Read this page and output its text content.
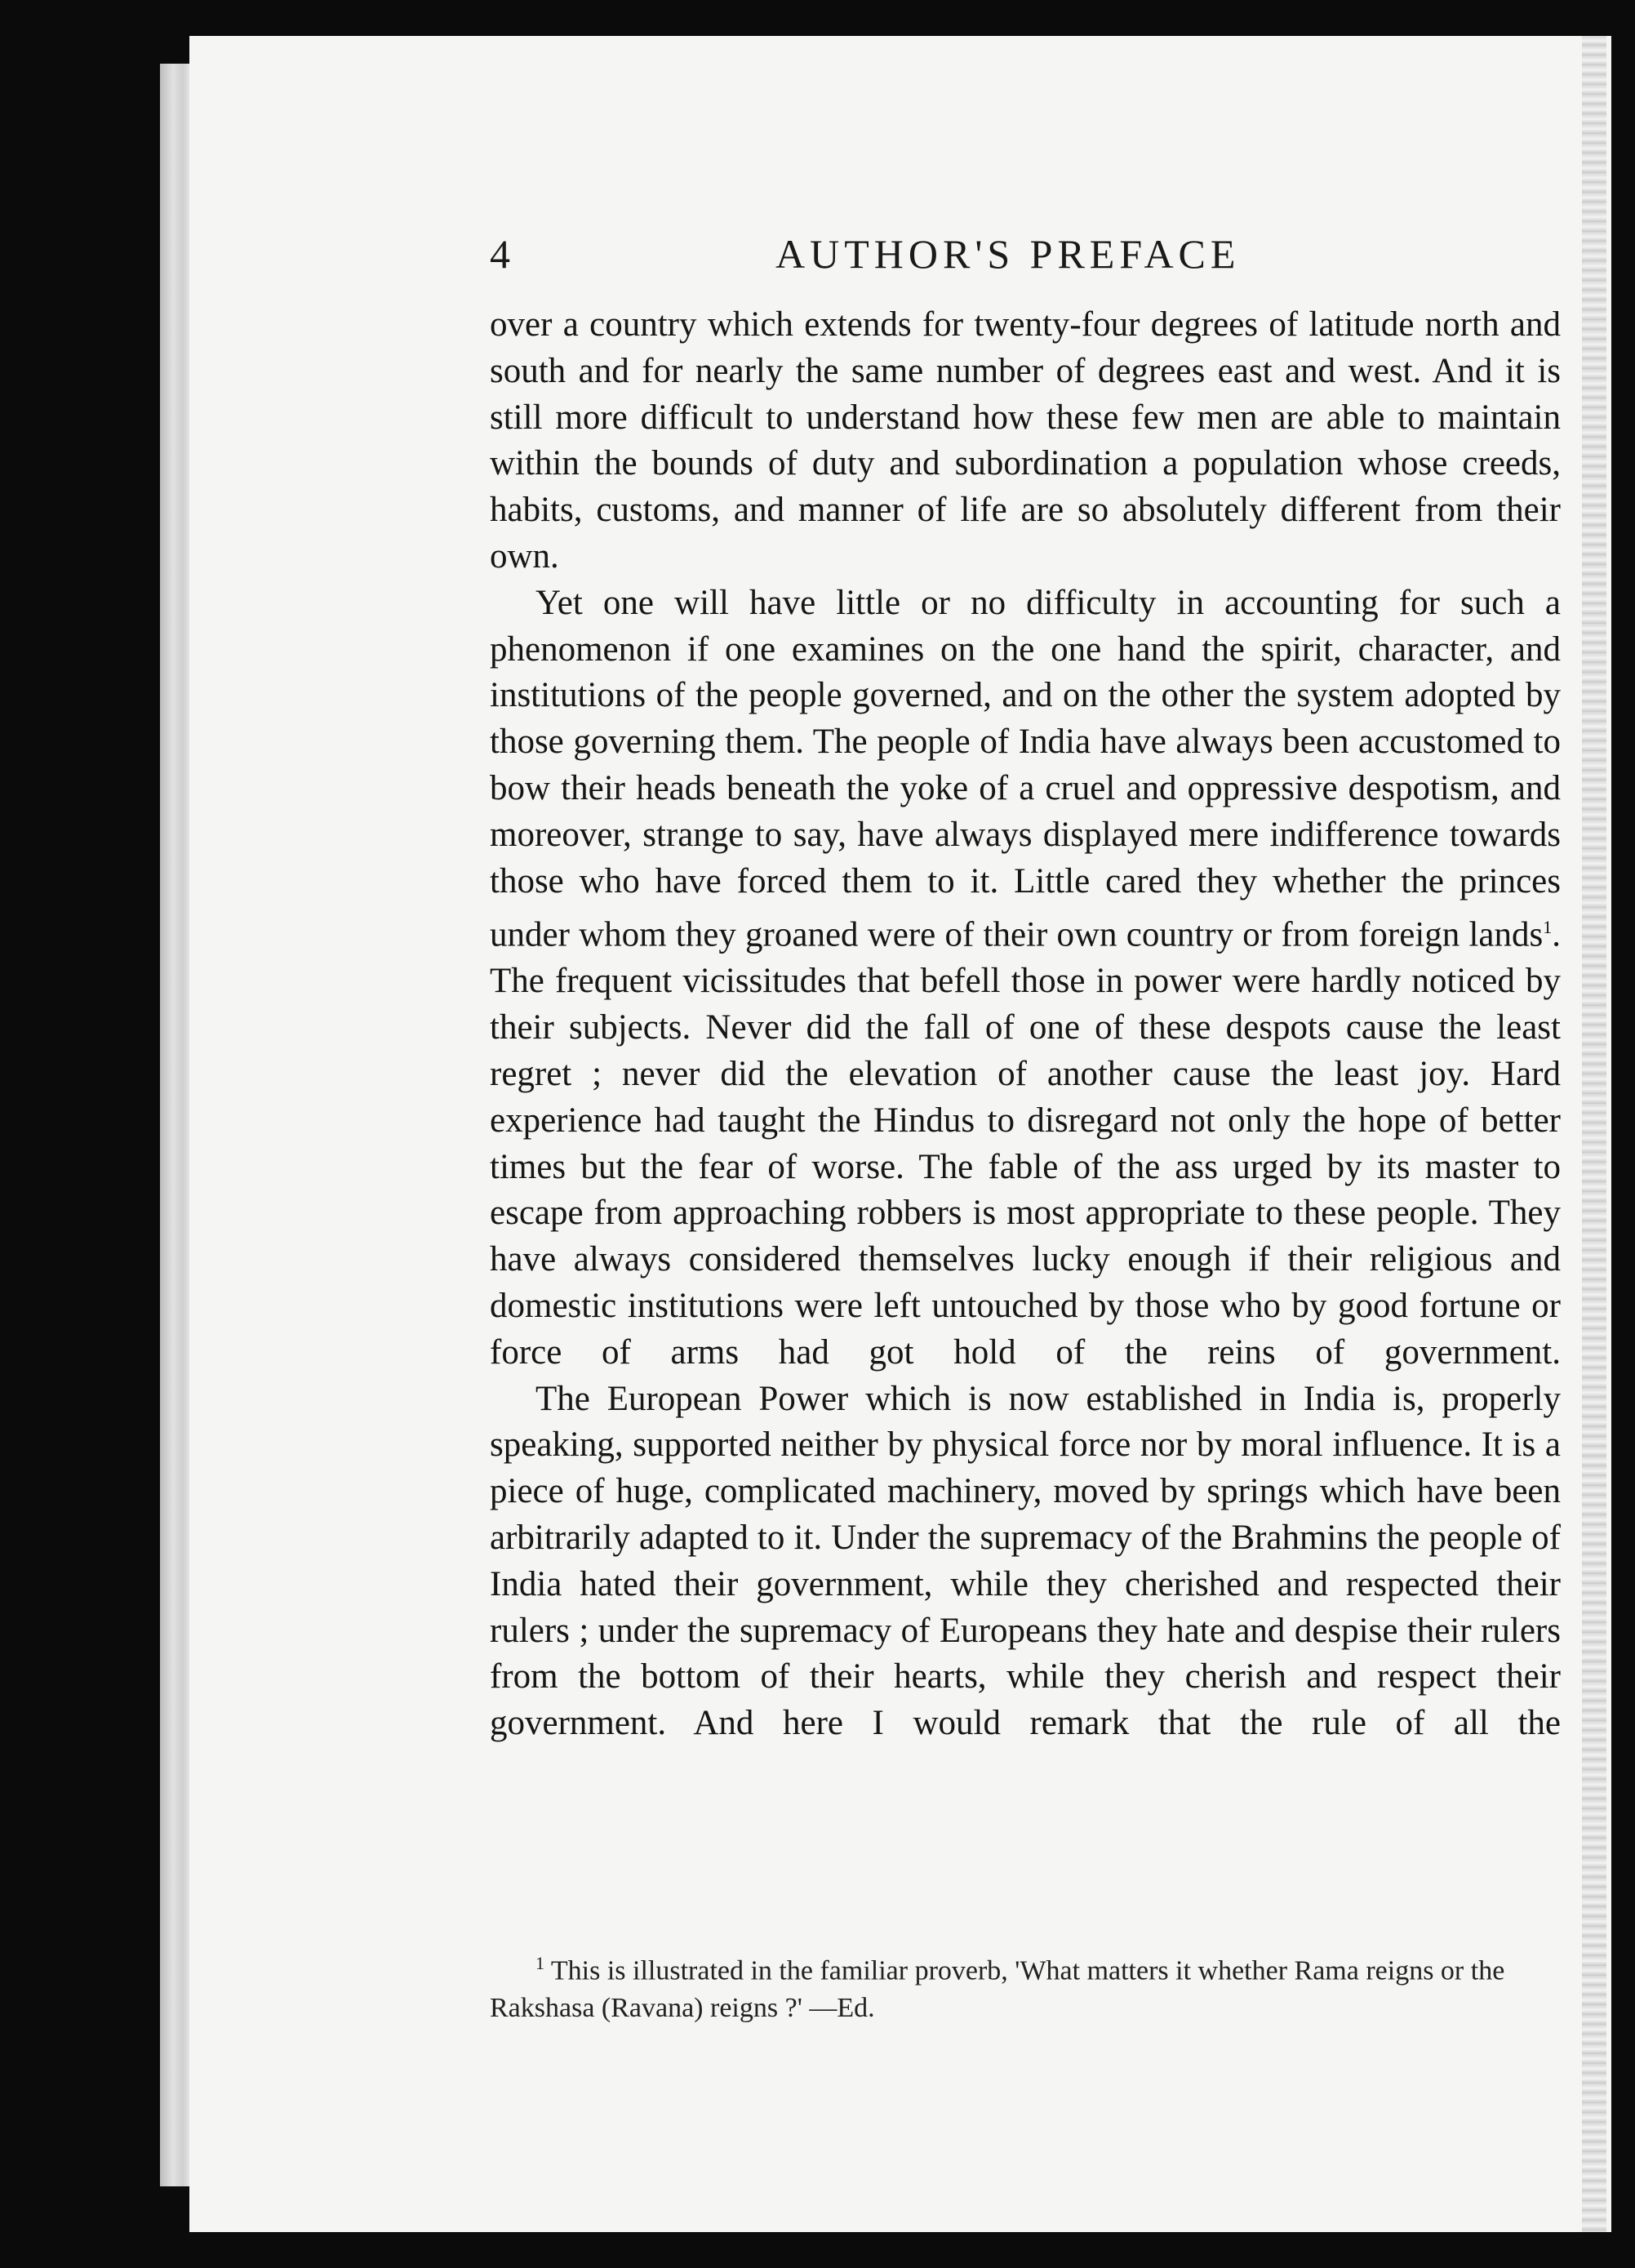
4	AUTHOR'S PREFACE

over a country which extends for twenty-four degrees of latitude north and south and for nearly the same number of degrees east and west. And it is still more difficult to understand how these few men are able to maintain within the bounds of duty and subordination a population whose creeds, habits, customs, and manner of life are so absolutely different from their own.

Yet one will have little or no difficulty in accounting for such a phenomenon if one examines on the one hand the spirit, character, and institutions of the people governed, and on the other the system adopted by those governing them. The people of India have always been accustomed to bow their heads beneath the yoke of a cruel and oppressive despotism, and moreover, strange to say, have always displayed mere indifference towards those who have forced them to it. Little cared they whether the princes under whom they groaned were of their own country or from foreign lands$^1$. The frequent vicissitudes that befell those in power were hardly noticed by their subjects. Never did the fall of one of these despots cause the least regret ; never did the elevation of another cause the least joy. Hard experience had taught the Hindus to disregard not only the hope of better times but the fear of worse. The fable of the ass urged by its master to escape from approaching robbers is most appropriate to these people. They have always considered themselves lucky enough if their religious and domestic institutions were left untouched by those who by good fortune or force of arms had got hold of the reins of government.

The European Power which is now established in India is, properly speaking, supported neither by physical force nor by moral influence. It is a piece of huge, complicated machinery, moved by springs which have been arbitrarily adapted to it. Under the supremacy of the Brahmins the people of India hated their government, while they cherished and respected their rulers ; under the supremacy of Europeans they hate and despise their rulers from the bottom of their hearts, while they cherish and respect their government. And here I would remark that the rule of all the

$^1$ This is illustrated in the familiar proverb, 'What matters it whether Rama reigns or the Rakshasa (Ravana) reigns ?' —Ed.
